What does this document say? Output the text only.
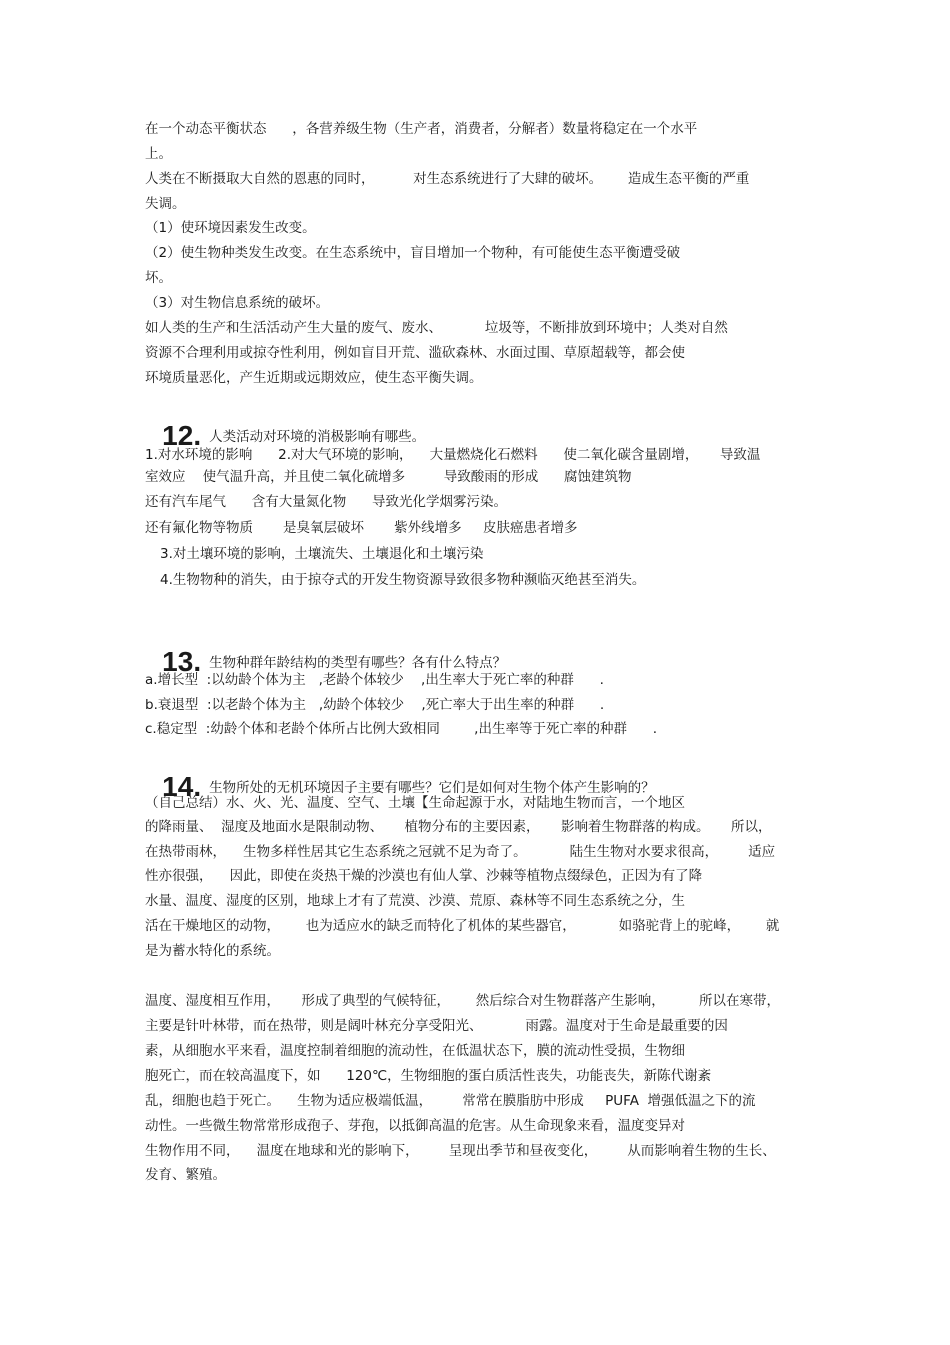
在一个动态平衡状态      ，各营养级生物（生产者，消费者，分解者）数量将稳定在一个水平
上。
人类在不断摄取大自然的恩惠的同时，         对生态系统进行了大肆的破坏。      造成生态平衡的严重
失调。
（1）使环境因素发生改变。
（2）使生物种类发生改变。在生态系统中，盲目增加一个物种，有可能使生态平衡遭受破
坏。
（3）对生物信息系统的破坏。
如人类的生产和生活活动产生大量的废气、废水、          垃圾等，不断排放到环境中；人类对自然
资源不合理利用或掠夺性利用，例如盲目开荒、滥砍森林、水面过围、草原超载等，都会使
环境质量恶化，产生近期或远期效应，使生态平衡失调。

12. 人类活动对环境的消极影响有哪些。

1.对水环境的影响      2.对大气环境的影响，    大量燃烧化石燃料      使二氧化碳含量剧增，     导致温
室效应    使气温升高，并且使二氧化硫增多         导致酸雨的形成      腐蚀建筑物
还有汽车尾气      含有大量氮化物      导致光化学烟雾污染。
还有氟化物等物质       是臭氧层破坏       紫外线增多     皮肤癌患者增多
3.对土壤环境的影响，土壤流失、土壤退化和土壤污染
4.生物物种的消失，由于掠夺式的开发生物资源导致很多物种濒临灭绝甚至消失。

13. 生物种群年龄结构的类型有哪些？各有什么特点？

a.增长型  :以幼龄个体为主   ,老龄个体较少    ,出生率大于死亡率的种群      .
b.衰退型  :以老龄个体为主   ,幼龄个体较少    ,死亡率大于出生率的种群      .
c.稳定型  :幼龄个体和老龄个体所占比例大致相同        ,出生率等于死亡率的种群      .

14. 生物所处的无机环境因子主要有哪些？它们是如何对生物个体产生影响的？

（自己总结）水、火、光、温度、空气、土壤【生命起源于水，对陆地生物而言，一个地区
的降雨量、  湿度及地面水是限制动物、     植物分布的主要因素，     影响着生物群落的构成。     所以，
在热带雨林，    生物多样性居其它生态系统之冠就不足为奇了。          陆生生物对水要求很高，       适应
性亦很强，    因此，即使在炎热干燥的沙漠也有仙人掌、沙棘等植物点缀绿色，正因为有了降
水量、温度、湿度的区别，地球上才有了荒漠、沙漠、荒原、森林等不同生态系统之分，生
活在干燥地区的动物，      也为适应水的缺乏而特化了机体的某些器官，          如骆驼背上的驼峰，      就
是为蓄水特化的系统。
温度、湿度相互作用，     形成了典型的气候特征，      然后综合对生物群落产生影响，        所以在寒带，
主要是针叶林带，而在热带，则是阔叶林充分享受阳光、          雨露。温度对于生命是最重要的因
素，从细胞水平来看，温度控制着细胞的流动性，在低温状态下，膜的流动性受损，生物细
胞死亡，而在较高温度下，如      120℃，生物细胞的蛋白质活性丧失，功能丧失，新陈代谢紊
乱，细胞也趋于死亡。    生物为适应极端低温，       常常在膜脂肪中形成     PUFA  增强低温之下的流
动性。一些微生物常常形成孢子、芽孢，以抵御高温的危害。从生命现象来看，温度变异对
生物作用不同，    温度在地球和光的影响下，       呈现出季节和昼夜变化，       从而影响着生物的生长、
发育、繁殖。
